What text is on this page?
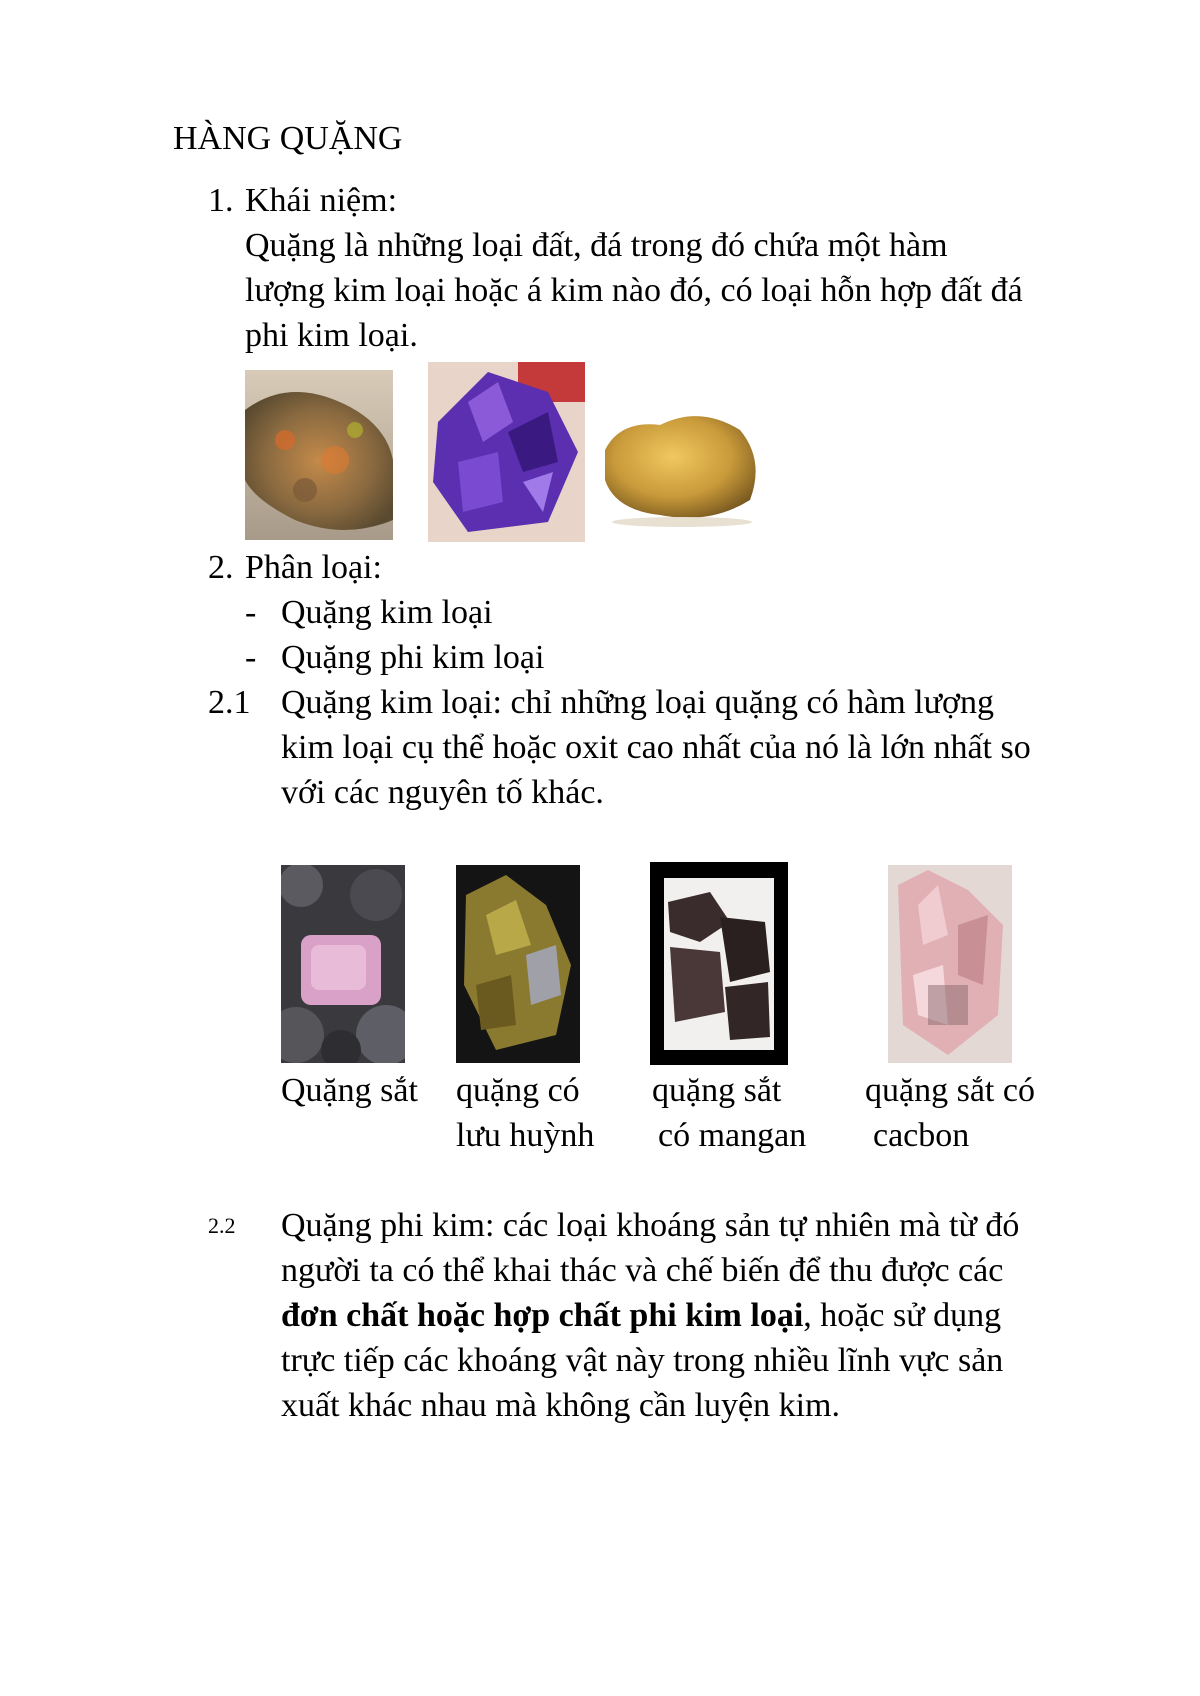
HÀNG QUẶNG
1. Khái niệm:
Quặng là những loại đất, đá trong đó chứa một hàm
lượng kim loại hoặc á kim nào đó, có loại hỗn hợp đất đá
phi kim loại.
2. Phân loại:
- Quặng kim loại
- Quặng phi kim loại
2.1 Quặng kim loại: chỉ những loại quặng có hàm lượng
kim loại cụ thể hoặc oxit cao nhất của nó là lớn nhất so
với các nguyên tố khác.
Quặng sắt quặng có
lưu huỳnh
quặng sắt
có mangan
quặng sắt có
cacbon
2.2 Quặng phi kim: các loại khoáng sản tự nhiên mà từ đó
người ta có thể khai thác và chế biến để thu được các
đơn chất hoặc hợp chất phi kim loại, hoặc sử dụng
trực tiếp các khoáng vật này trong nhiều lĩnh vực sản
xuất khác nhau mà không cần luyện kim.
